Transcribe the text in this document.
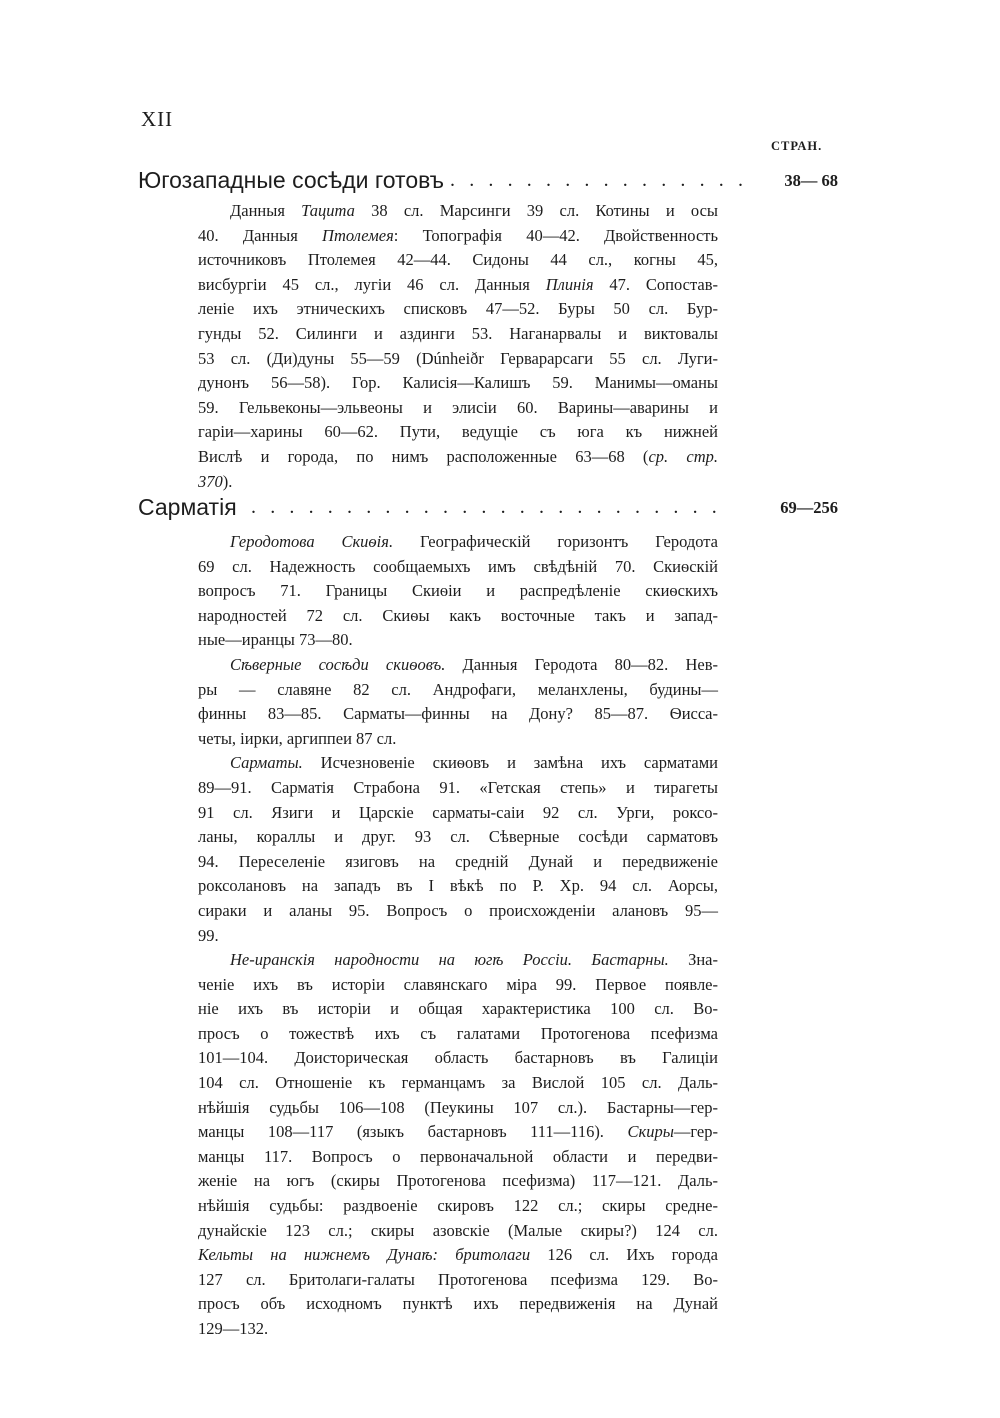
XII
СТРАН.
Югозападные сосѣди готовъ . . . . . . . . . . . . . . . . 38— 68
Данныя Тацита 38 сл. Марсинги 39 сл. Котины и осы
40. Данныя Птолемея: Топографія 40—42. Двойственность
источниковъ Птолемея 42—44. Сидоны 44 сл., когны 45,
висбургіи 45 сл., лугіи 46 сл. Данныя Плинія 47. Сопостав-
леніе ихъ этническихъ списковъ 47—52. Буры 50 сл. Бур-
гунды 52. Силинги и аздинги 53. Наганарвалы и виктовалы
53 сл. (Ди)дуны 55—59 (Dúnheiðr Герварарсаги 55 сл. Луги-
дунонъ 56—58). Гор. Калисія—Калишъ 59. Манимы—оманы
59. Гельвеконы—эльвеоны и элисіи 60. Варины—аварины и
гаріи—харины 60—62. Пути, ведущіе съ юга къ нижней
Вислѣ и города, по нимъ расположенные 63—68 (ср. стр.
370).
Сарматія . . . . . . . . . . . . . . . . . . . . . . . . .	69—256
Геродотова Скиѳія. Географическій горизонтъ Геродота
69 сл. Надежность сообщаемыхъ имъ свѣдѣній 70. Скиѳскій
вопросъ 71. Границы Скиѳіи и распредѣленіе скиѳскихъ
народностей 72 сл. Скиѳы какъ восточные такъ и запад-
ные—иранцы 73—80.
Сѣверные сосѣди скиѳовъ. Данныя Геродота 80—82. Нев-
ры — славяне 82 сл. Андрофаги, меланхлены, будины—
финны 83—85. Сарматы—финны на Дону? 85—87. Ѳиссa-
четы, іирки, аргиппеи 87 сл.
Сарматы. Исчезновеніе скиѳовъ и замѣна ихъ сарматами
89—91. Сарматія Страбона 91. «Гетская степь» и тирагеты
91 сл. Язиги и Царскіе сарматы-саіи 92 сл. Урги, роксо-
ланы, кораллы и друг. 93 сл. Сѣверные сосѣди сарматовъ
94. Переселеніе язиговъ на средній Дунай и передвиженіе
роксолановъ на западъ въ I вѣкѣ по Р. Хр. 94 сл. Аорсы,
сираки и аланы 95. Вопросъ о происхожденіи алановъ 95—
99.
Не-иранскія народности на югѣ Россіи. Бастарны. Зна-
ченіе ихъ въ исторіи славянскаго міра 99. Первое появле-
ніе ихъ въ исторіи и общая характеристика 100 сл. Во-
просъ о тожествѣ ихъ съ галатами Протогенова псефизма
101—104. Доисторическая область бастарновъ въ Галиціи
104 сл. Отношеніе къ германцамъ за Вислой 105 сл. Даль-
нѣйшія судьбы 106—108 (Пеукины 107 сл.). Бастарны—гер-
манцы 108—117 (языкъ бастарновъ 111—116). Скиры—гер-
манцы 117. Вопросъ о первоначальной области и передви-
женіе на югъ (скиры Протогенова псефизма) 117—121. Даль-
нѣйшія судьбы: раздвоеніе скировъ 122 сл.; скиры средне-
дунайскіе 123 сл.; скиры азовскіе (Малые скиры?) 124 сл.
Кельты на нижнемъ Дунаѣ: бритолаги 126 сл. Ихъ города
127 сл. Бритолаги-галаты Протогенова псефизма 129. Во-
просъ объ исходномъ пунктѣ ихъ передвиженія на Дунай
129—132.
